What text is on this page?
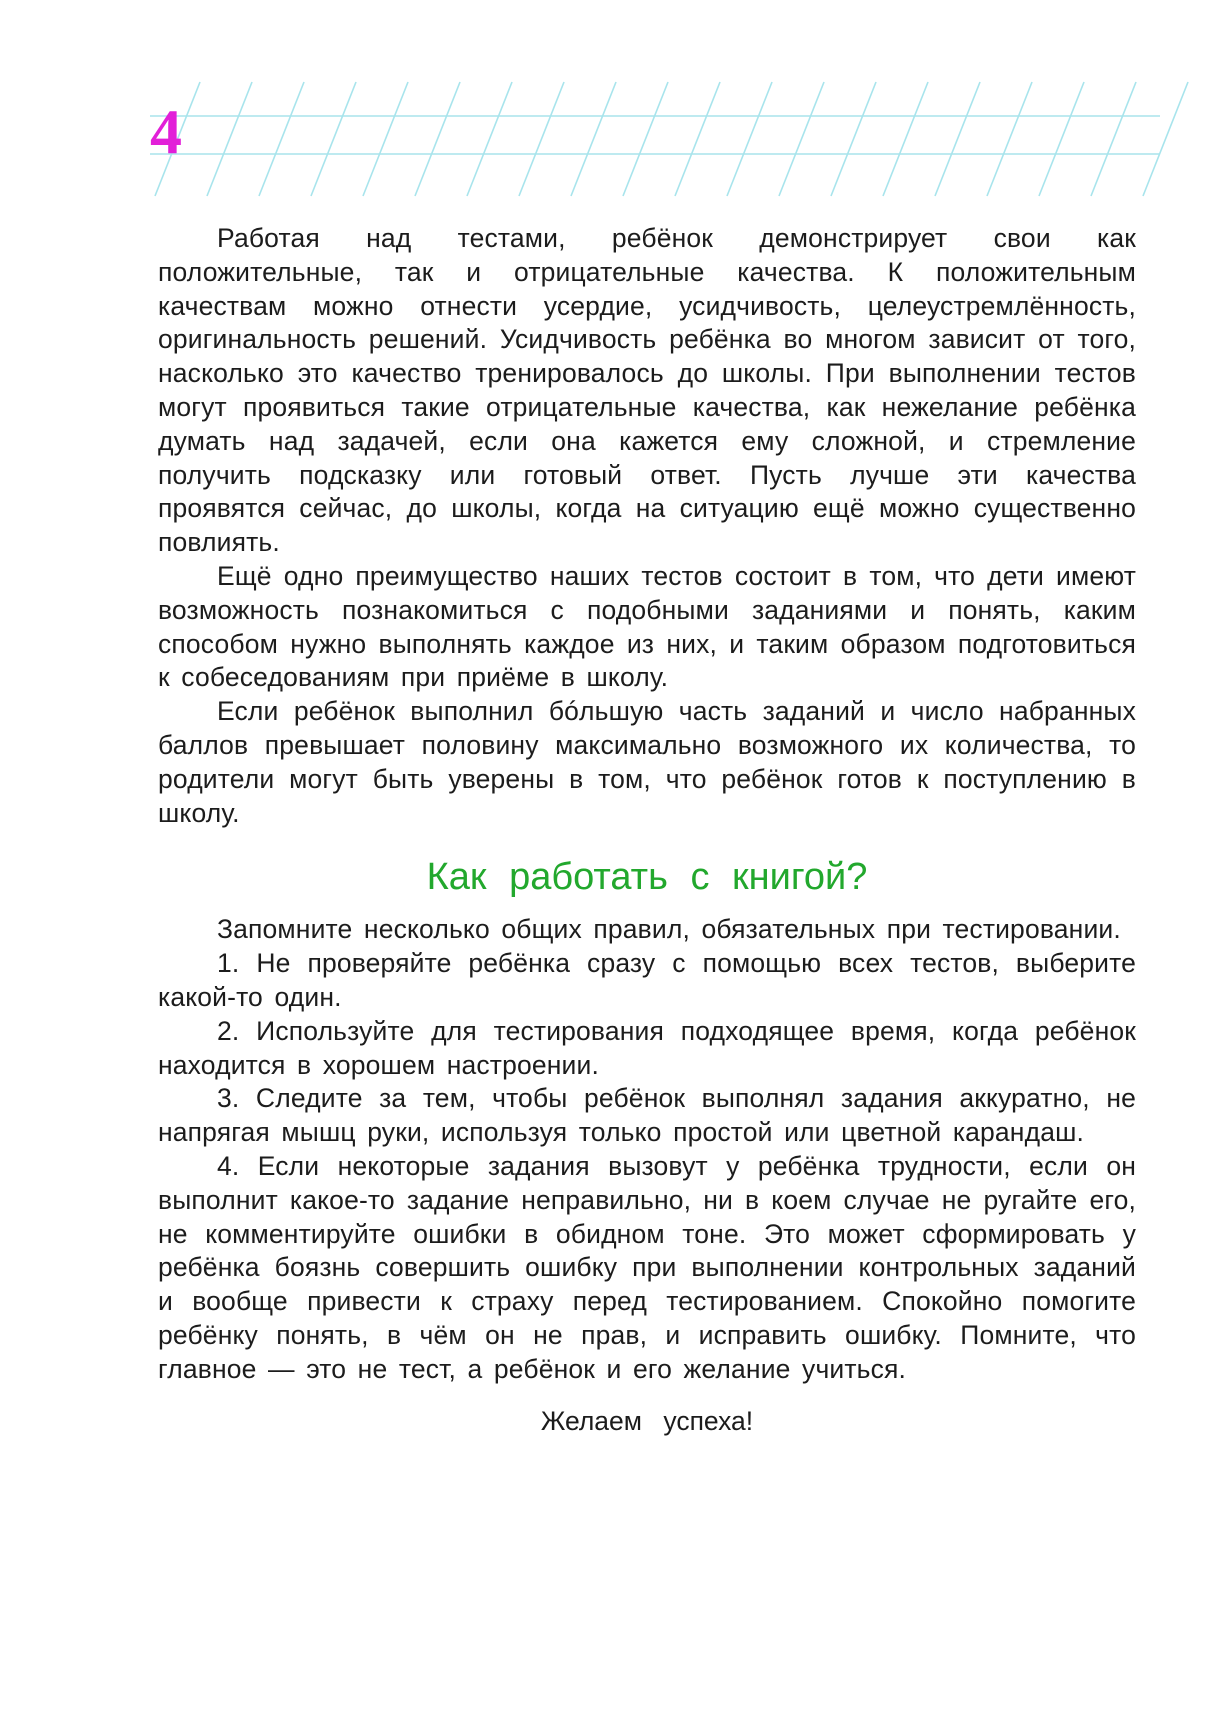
4

Работая над тестами, ребёнок демонстрирует свои как положительные, так и отрицательные качества. К положительным качествам можно отнести усердие, усидчивость, целеустремлённость, оригинальность решений. Усидчивость ребёнка во многом зависит от того, насколько это качество тренировалось до школы. При выполнении тестов могут проявиться такие отрицательные качества, как нежелание ребёнка думать над задачей, если она кажется ему сложной, и стремление получить подсказку или готовый ответ. Пусть лучше эти качества проявятся сейчас, до школы, когда на ситуацию ещё можно существенно повлиять.

Ещё одно преимущество наших тестов состоит в том, что дети имеют возможность познакомиться с подобными заданиями и понять, каким способом нужно выполнять каждое из них, и таким образом подготовиться к собеседованиям при приёме в школу.

Если ребёнок выполнил бóльшую часть заданий и число набранных баллов превышает половину максимально возможного их количества, то родители могут быть уверены в том, что ребёнок готов к поступлению в школу.

Как работать с книгой?

Запомните несколько общих правил, обязательных при тестировании.

1. Не проверяйте ребёнка сразу с помощью всех тестов, выберите какой-то один.

2. Используйте для тестирования подходящее время, когда ребёнок находится в хорошем настроении.

3. Следите за тем, чтобы ребёнок выполнял задания аккуратно, не напрягая мышц руки, используя только простой или цветной карандаш.

4. Если некоторые задания вызовут у ребёнка трудности, если он выполнит какое-то задание неправильно, ни в коем случае не ругайте его, не комментируйте ошибки в обидном тоне. Это может сформировать у ребёнка боязнь совершить ошибку при выполнении контрольных заданий и вообще привести к страху перед тестированием. Спокойно помогите ребёнку понять, в чём он не прав, и исправить ошибку. Помните, что главное — это не тест, а ребёнок и его желание учиться.

Желаем успеха!
